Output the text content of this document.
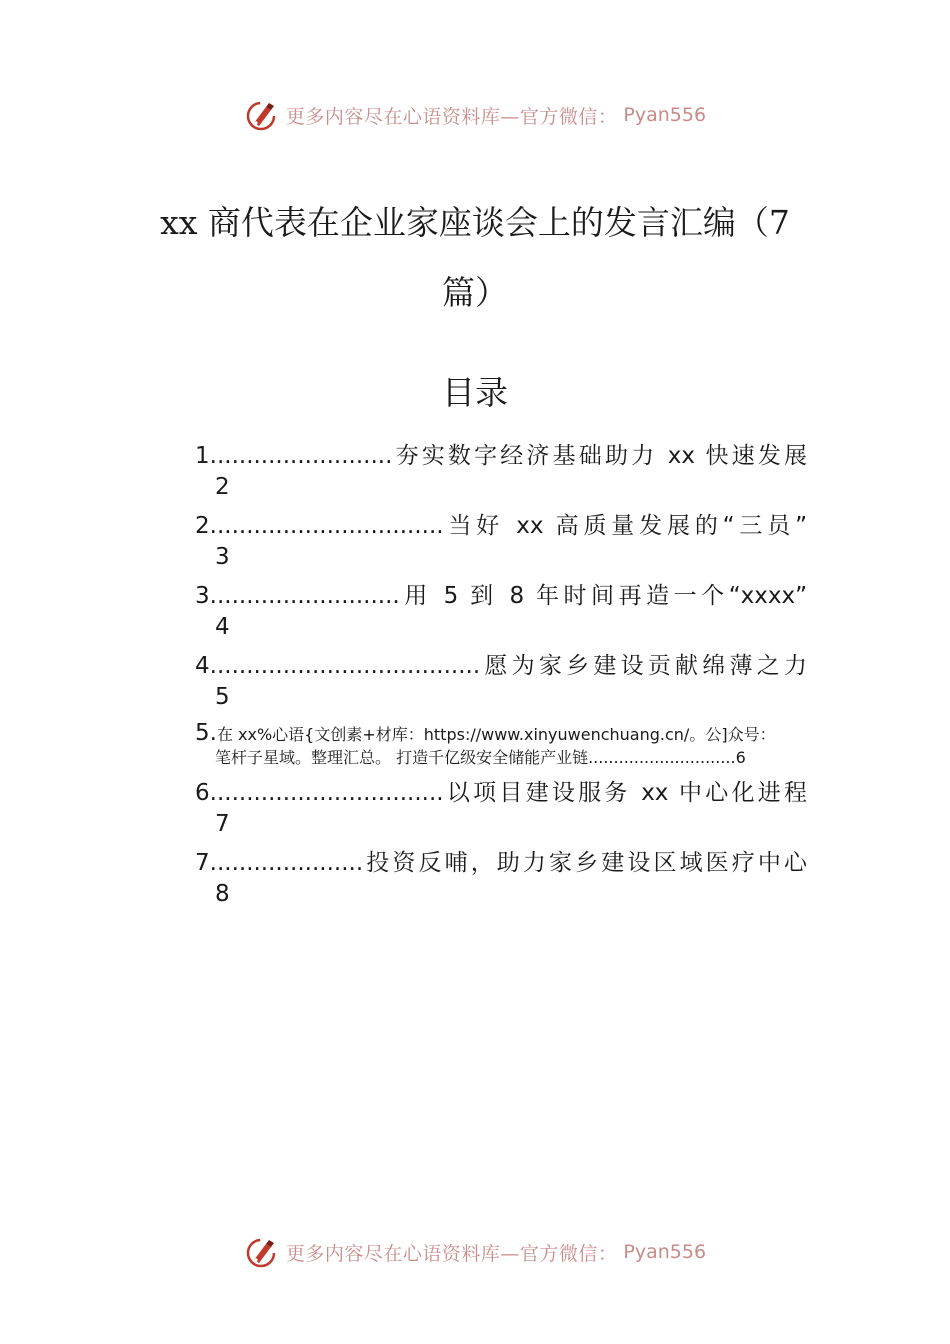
更多内容尽在心语资料库—官方微信： Pyan556
xx 商代表在企业家座谈会上的发言汇编（7 篇）
目录
1.........................夯实数字经济基础助力 xx 快速发展
2
2................................当好 xx 高质量发展的“三员”
3
3..........................用 5 到 8 年时间再造一个“xxxx”
4
4.....................................愿为家乡建设贡献绵薄之力
5
5.在 xx%心语{文创素+材库：https://www.xinyuwenchuang.cn/。公]众号：
笔杆子星域。整理汇总。 打造千亿级安全储能产业链.............................6
6................................以项目建设服务 xx 中心化进程
7
7.....................投资反哺，助力家乡建设区域医疗中心
8
更多内容尽在心语资料库—官方微信： Pyan556
